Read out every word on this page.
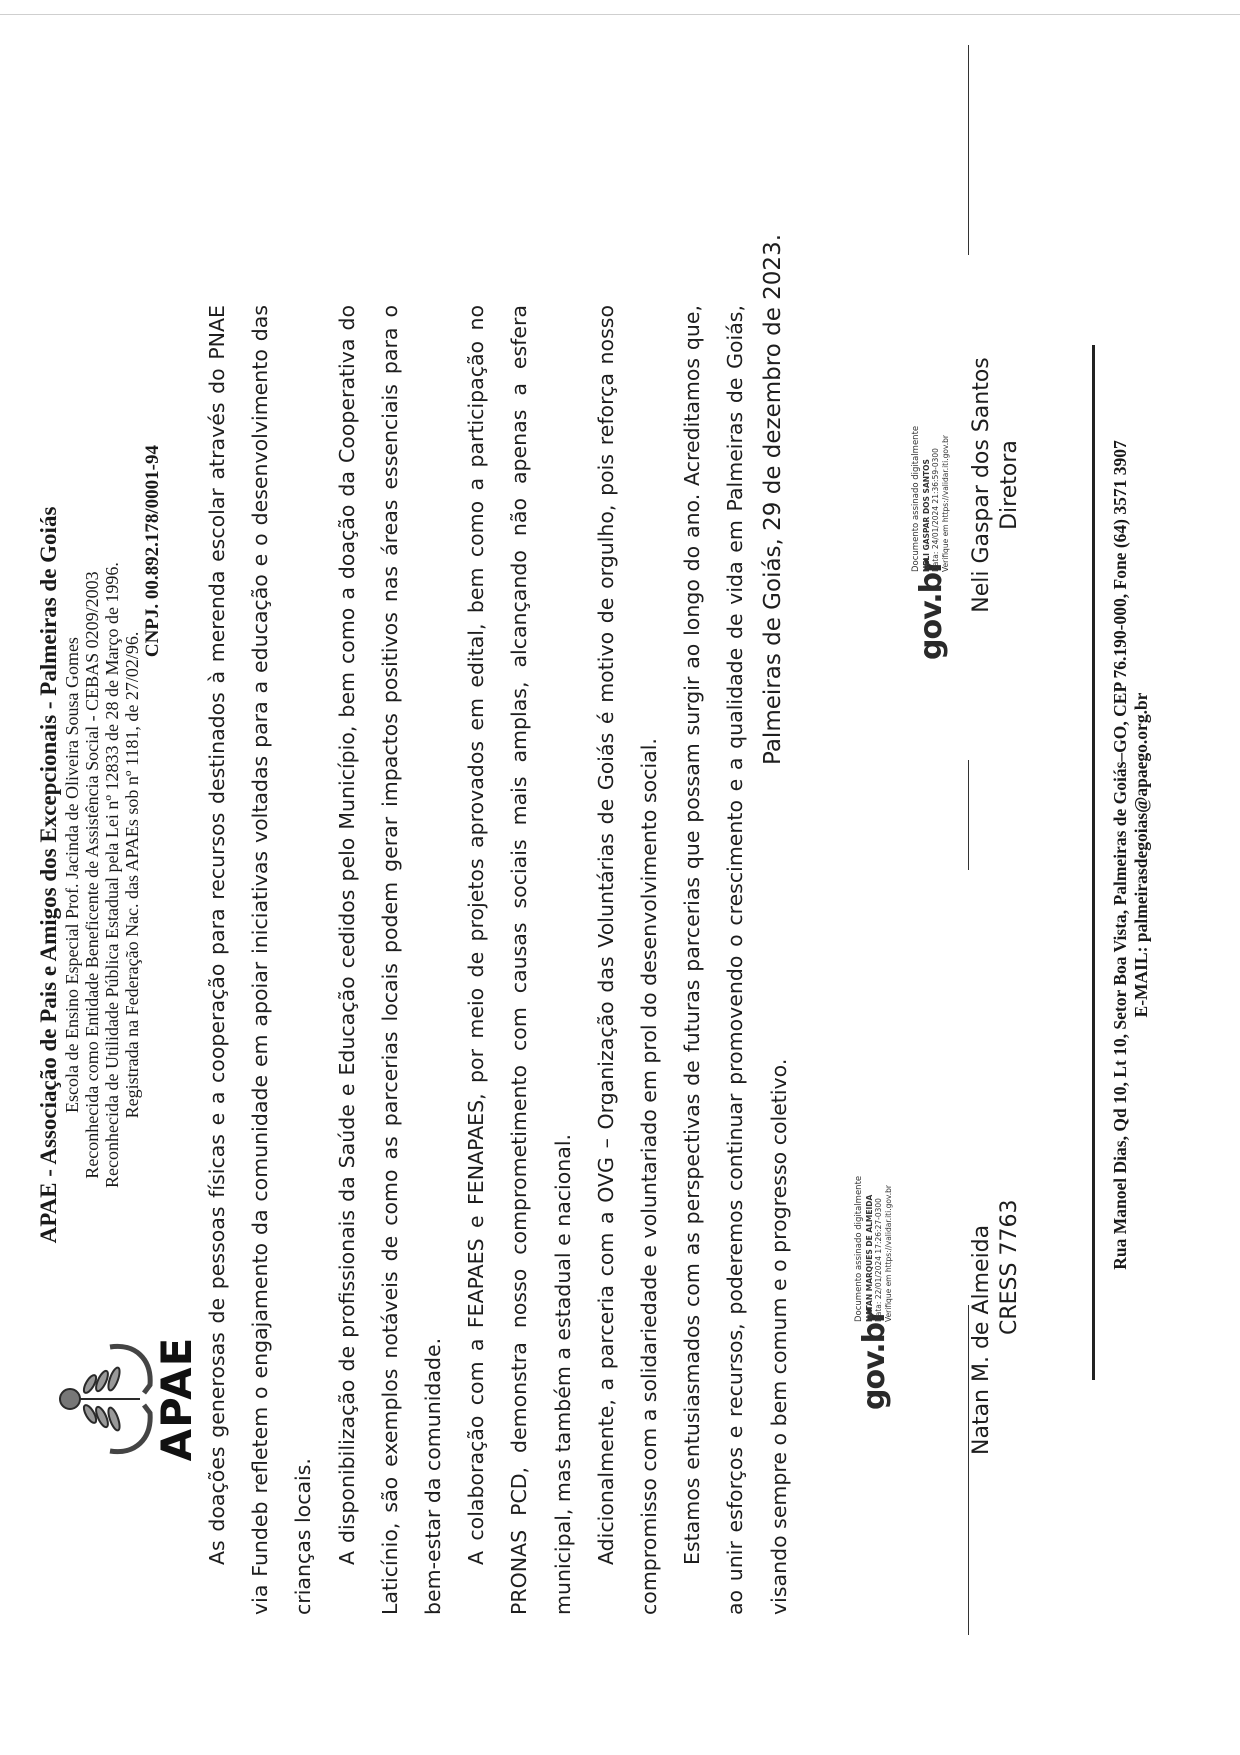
APAE
APAE - Associação de Pais e Amigos dos Excepcionais - Palmeiras de Goiás Escola de Ensino Especial Prof. Jacinda de Oliveira Sousa Gomes Reconhecida como Entidade Beneficente de Assistência Social - CEBAS 0209/2003 Reconhecida de Utilidade Pública Estadual pela Lei nº 12833 de 28 de Março de 1996. Registrada na Federação Nac. das APAEs sob nº 1181, de 27/02/96.
CNPJ. 00.892.178/0001-94	As doações generosas de pessoas físicas e a cooperação para recursos destinados à merenda escolar através do PNAE via Fundeb refletem o engajamento da comunidade em apoiar iniciativas voltadas para a educação e o desenvolvimento das crianças locais. A disponibilização de profissionais da Saúde e Educação cedidos pelo Município, bem como a doação da Cooperativa do Laticínio, são exemplos notáveis de como as parcerias locais podem gerar impactos positivos nas áreas essenciais para o bem-estar da comunidade. A colaboração com a FEAPAES e FENAPAES, por meio de projetos aprovados em edital, bem como a participação no PRONAS PCD, demonstra nosso comprometimento com causas sociais mais amplas, alcançando não apenas a esfera municipal, mas também a estadual e nacional. Adicionalmente, a parceria com a OVG – Organização das Voluntárias de Goiás é motivo de orgulho, pois reforça nosso compromisso com a solidariedade e voluntariado em prol do desenvolvimento social. Estamos entusiasmados com as perspectivas de futuras parcerias que possam surgir ao longo do ano. Acreditamos que, ao unir esforços e recursos, poderemos continuar promovendo o crescimento e a qualidade de vida em Palmeiras de Goiás, visando sempre o bem comum e o progresso coletivo.	gov.br
Documento assinado digitalmente NATAN MARQUES DE ALMEIDA Data: 22/01/2024 17:26:27-0300 Verifique em https://validar.iti.gov.br	Natan M. de Almeida CRESS 7763
Palmeiras de Goiás, 29 de dezembro de 2023.	gov.br
Documento assinado digitalmente NELI GASPAR DOS SANTOS Data: 24/01/2024 21:36:59-0300 Verifique em https://validar.iti.gov.br Neli Gaspar dos Santos Diretora	Rua Manoel Dias, Qd 10, Lt 10, Setor Boa Vista, Palmeiras de Goiás–GO, CEP 76.190-000, Fone (64) 3571 3907 E-MAIL: palmeirasdegoias@apaego.org.br
